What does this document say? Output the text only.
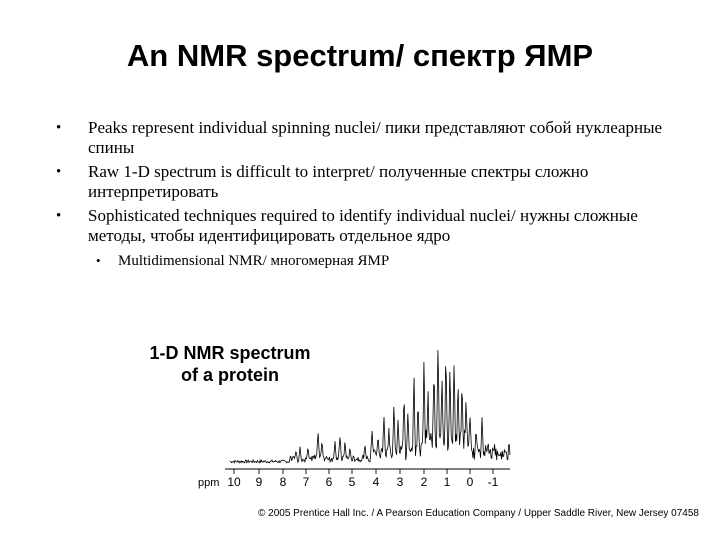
An NMR spectrum/ спектр ЯМР
• Peaks represent individual spinning nuclei/ пики представляют собой нуклеарные спины
• Raw 1-D spectrum is difficult to interpret/ полученные спектры сложно интерпретировать
• Sophisticated techniques required to identify individual nuclei/ нужны сложные методы, чтобы идентифицировать отдельное ядро
• Multidimensional NMR/ многомерная ЯМР
1-D NMR spectrum
of a protein
ppm 10 9 8 7 6 5 4 3 2 1 0 -1
© 2005 Prentice Hall Inc. / A Pearson Education Company / Upper Saddle River, New Jersey 07458
